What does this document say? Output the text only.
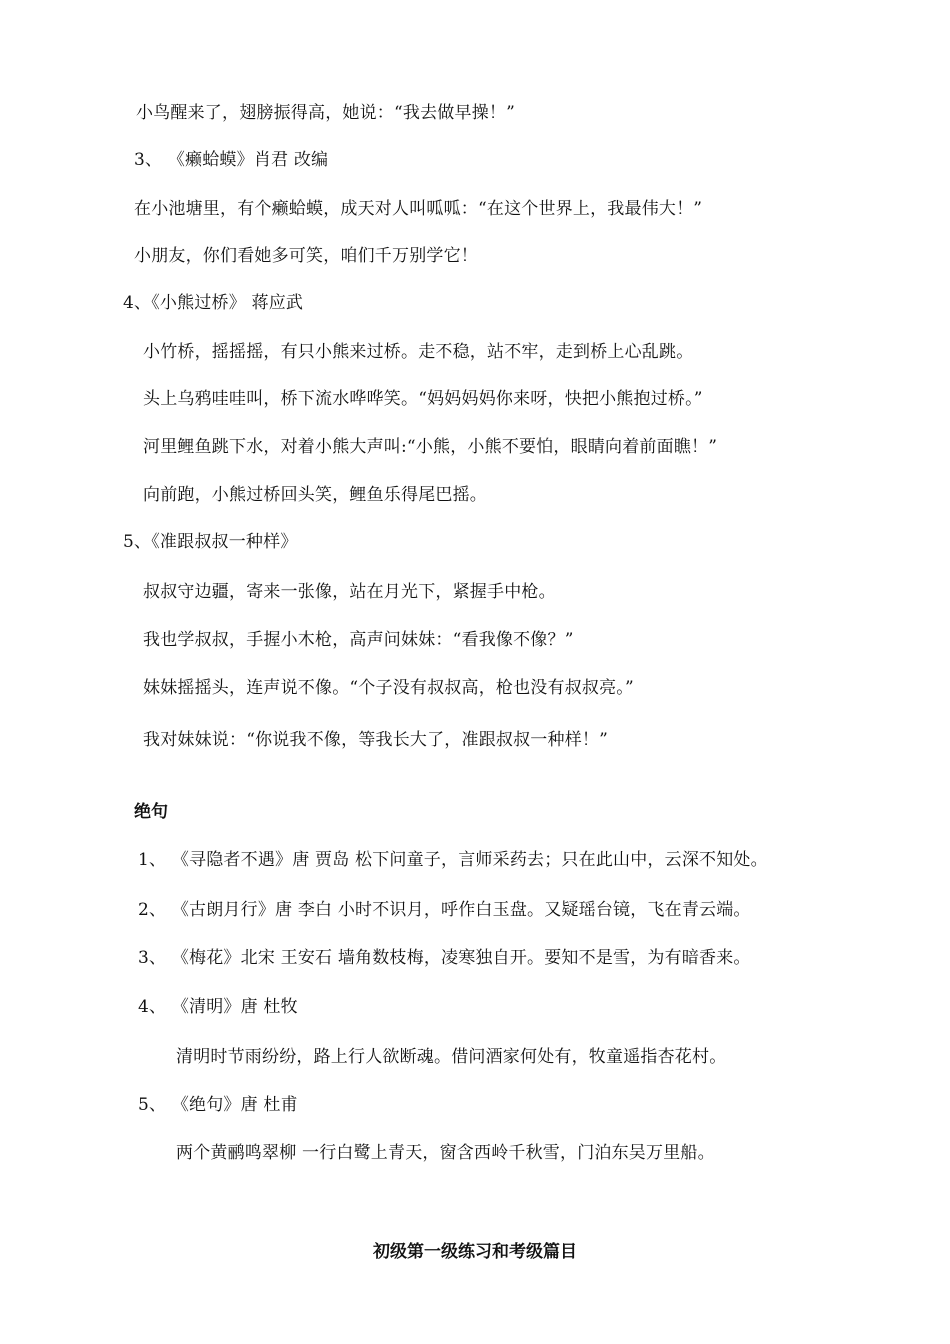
小鸟醒来了，翅膀振得高，她说：“我去做早操！”
3、 《癞蛤蟆》肖君 改编
在小池塘里，有个癞蛤蟆，成天对人叫呱呱：“在这个世界上，我最伟大！”
小朋友，你们看她多可笑，咱们千万别学它！
4、《小熊过桥》 蒋应武
小竹桥，摇摇摇，有只小熊来过桥。走不稳，站不牢，走到桥上心乱跳。
头上乌鸦哇哇叫，桥下流水哗哗笑。“妈妈妈妈你来呀，快把小熊抱过桥。”
河里鲤鱼跳下水，对着小熊大声叫:“小熊，小熊不要怕，眼睛向着前面瞧！”
向前跑，小熊过桥回头笑，鲤鱼乐得尾巴摇。
5、《准跟叔叔一种样》
叔叔守边疆，寄来一张像，站在月光下，紧握手中枪。
我也学叔叔，手握小木枪，高声问妹妹：“看我像不像？”
妹妹摇摇头，连声说不像。“个子没有叔叔高，枪也没有叔叔亮。”
我对妹妹说：“你说我不像，等我长大了，准跟叔叔一种样！”
绝句
1、 《寻隐者不遇》唐 贾岛 松下问童子，言师采药去；只在此山中，云深不知处。
2、 《古朗月行》唐 李白 小时不识月，呼作白玉盘。又疑瑶台镜，飞在青云端。
3、 《梅花》北宋 王安石 墙角数枝梅，凌寒独自开。要知不是雪，为有暗香来。
4、 《清明》唐 杜牧
清明时节雨纷纷，路上行人欲断魂。借问酒家何处有，牧童遥指杏花村。
5、 《绝句》唐 杜甫
两个黄鹂鸣翠柳 一行白鹭上青天，窗含西岭千秋雪，门泊东吴万里船。
初级第一级练习和考级篇目
